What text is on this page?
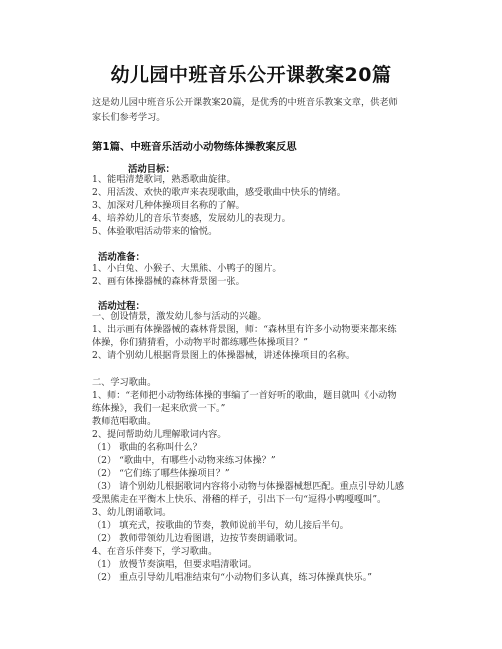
幼儿园中班音乐公开课教案20篇
这是幼儿园中班音乐公开课教案20篇，是优秀的中班音乐教案文章，供老师
家长们参考学习。
第1篇、中班音乐活动小动物练体操教案反思
活动目标：
1、能唱清楚歌词，熟悉歌曲旋律。
2、用活泼、欢快的歌声来表现歌曲，感受歌曲中快乐的情绪。
3、加深对几种体操项目名称的了解。
4、培养幼儿的音乐节奏感，发展幼儿的表现力。
5、体验歌唱活动带来的愉悦。
活动准备：
1、小白兔、小猴子、大黑熊、小鸭子的图片。
2、画有体操器械的森林背景图一张。
活动过程：
一、创设情景，激发幼儿参与活动的兴趣。
1、出示画有体操器械的森林背景图，师：“森林里有许多小动物要来都来练
体操，你们猜猜看，小动物平时都练哪些体操项目？”
2、请个别幼儿根据背景图上的体操器械，讲述体操项目的名称。
二、学习歌曲。
1、师：“老师把小动物练体操的事编了一首好听的歌曲，题目就叫《小动物
练体操》，我们一起来欣赏一下。”
教师范唱歌曲。
2、提问帮助幼儿理解歌词内容。
（1） 歌曲的名称叫什么？
（2） “歌曲中，有哪些小动物来练习体操？”
（2） “它们练了哪些体操项目？”
（3） 请个别幼儿根据歌词内容将小动物与体操器械想匹配。重点引导幼儿感
受黑熊走在平衡木上快乐、滑稽的样子，引出下一句“逗得小鸭嘎嘎叫”。
3、幼儿朗诵歌词。
（1） 填充式，按歌曲的节奏，教师说前半句，幼儿接后半句。
（2） 教师带领幼儿边看图谱，边按节奏朗诵歌词。
4、在音乐伴奏下，学习歌曲。
（1） 放慢节奏演唱，但要求唱清歌词。
（2） 重点引导幼儿唱准结束句“小动物们多认真，练习体操真快乐。”
